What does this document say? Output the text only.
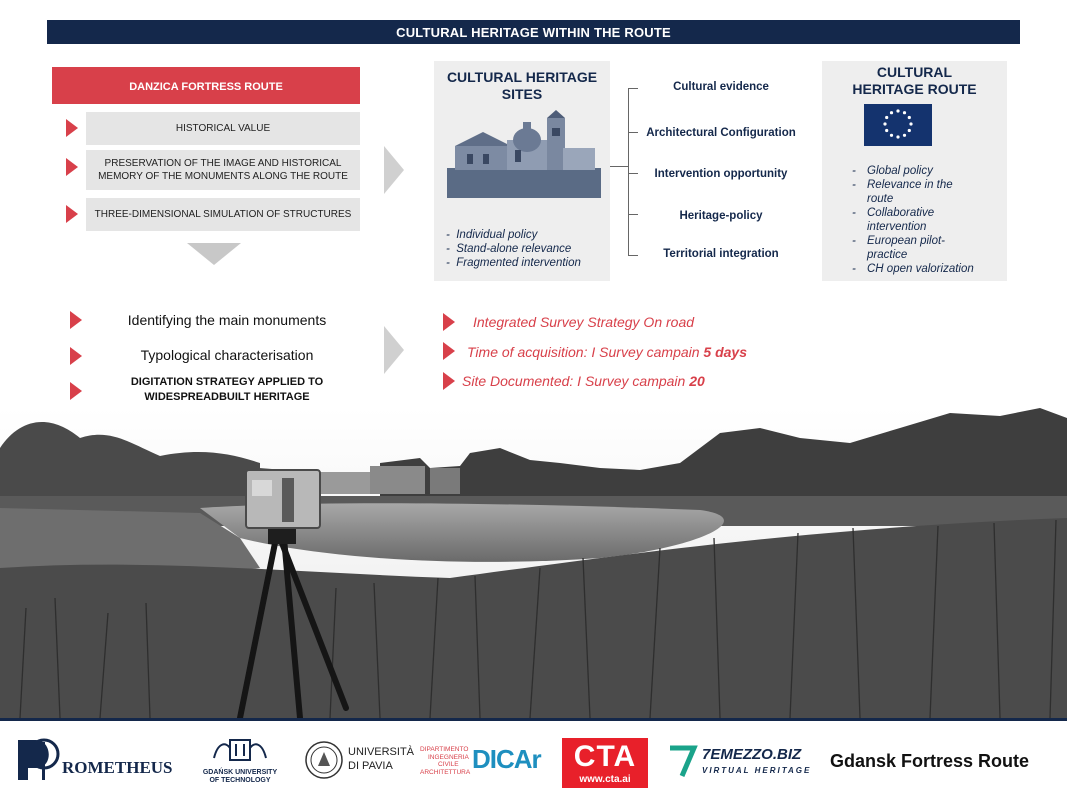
CULTURAL HERITAGE WITHIN THE ROUTE
DANZICA FORTRESS ROUTE
HISTORICAL VALUE
PRESERVATION OF THE IMAGE AND HISTORICAL MEMORY OF THE MONUMENTS ALONG THE ROUTE
THREE-DIMENSIONAL SIMULATION OF STRUCTURES
CULTURAL HERITAGE SITES
-  Individual policy
-  Stand-alone relevance
-  Fragmented intervention
Cultural evidence
Architectural Configuration
Intervention opportunity
Heritage-policy
Territorial integration
CULTURAL HERITAGE ROUTE
- Global policy
- Relevance in the route
- Collaborative intervention
- European pilot-practice
- CH open valorization
Identifying the main monuments
Typological characterisation
DIGITATION STRATEGY APPLIED TO WIDESPREADBUILT HERITAGE
Integrated Survey Strategy On road
Time of acquisition: I Survey campain 5 days
Site Documented: I Survey campain 20
ROMETHEUS	GDAŃSK UNIVERSITY
OF TECHNOLOGY
UNIVERSITÀ
DI PAVIA
DIPARTIMENTO
INGEGNERIA
CIVILE
ARCHITETTURA DICAr	CTA
www.cta.ai
7EMEZZO.BIZ
VIRTUAL HERITAGE Gdansk Fortress Route
